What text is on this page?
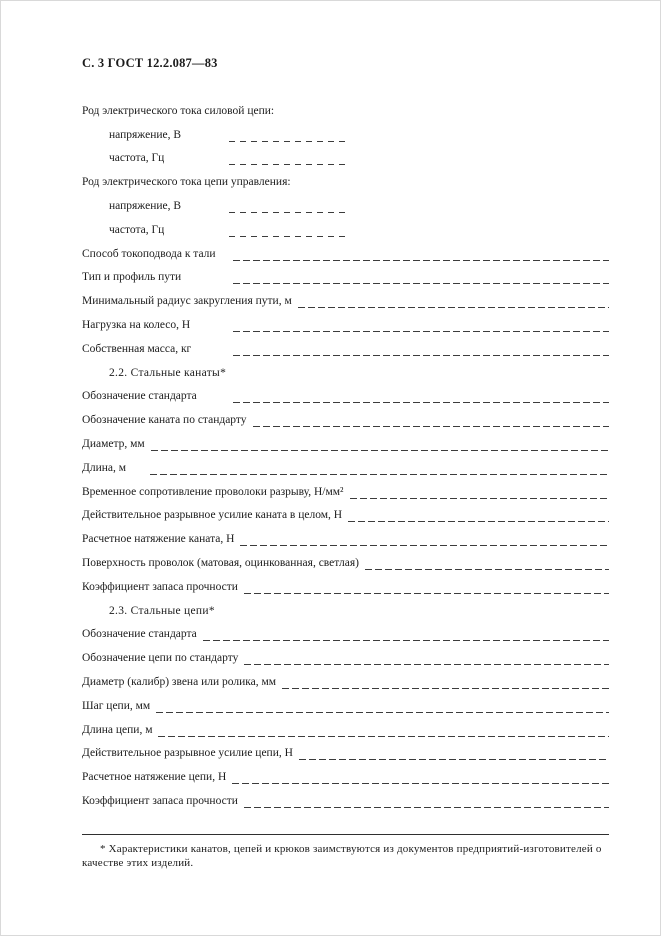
С. 3 ГОСТ 12.2.087—83
Род электрического тока силовой цепи:
напряжение, В
частота, Гц
Род электрического тока цепи управления:
напряжение, В
частота, Гц
Способ токоподвода к тали
Тип и профиль пути
Минимальный радиус закругления пути, м
Нагрузка на колесо, Н
Собственная масса, кг
2.2. Стальные канаты*
Обозначение стандарта
Обозначение каната по стандарту
Диаметр, мм
Длина, м
Временное сопротивление проволоки разрыву, Н/мм²
Действительное разрывное усилие каната в целом, Н
Расчетное натяжение каната, Н
Поверхность проволок (матовая, оцинкованная, светлая)
Коэффициент запаса прочности
2.3. Стальные цепи*
Обозначение стандарта
Обозначение цепи по стандарту
Диаметр (калибр) звена или ролика, мм
Шаг цепи, мм
Длина цепи, м
Действительное разрывное усилие цепи, Н
Расчетное натяжение цепи, Н
Коэффициент запаса прочности
* Характеристики канатов, цепей и крюков заимствуются из документов предприятий-изготовителей о качестве этих изделий.
